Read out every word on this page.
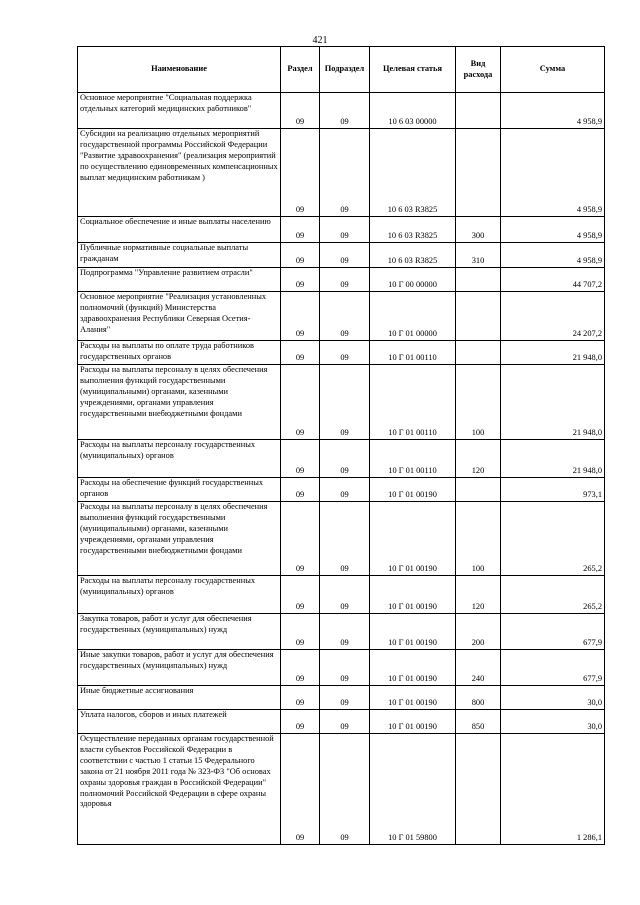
421
Наименование	Раздел	Подраздел	Целевая статья	Вид расхода	Сумма
Основное мероприятие "Социальная поддержка отдельных категорий медицинских работников"	09	09	10 6 03 00000		4 958,9
Субсидии на реализацию отдельных мероприятий государственной программы Российской Федерации "Развитие здравоохранения" (реализация мероприятий по осуществлению единовременных компенсационных выплат медицинским работникам )	09	09	10 6 03 R3825		4 958,9
Социальное обеспечение и иные выплаты населению	09	09	10 6 03 R3825	300	4 958,9
Публичные нормативные социальные выплаты гражданам	09	09	10 6 03 R3825	310	4 958,9
Подпрограмма "Управление развитием отрасли"	09	09	10 Г 00 00000		44 707,2
Основное мероприятие "Реализация установленных полномочий (функций) Министерства здравоохранения Республики Северная Осетия-Алания"	09	09	10 Г 01 00000		24 207,2
Расходы на выплаты по оплате труда работников государственных органов	09	09	10 Г 01 00110		21 948,0
Расходы на выплаты персоналу в целях обеспечения выполнения функций государственными (муниципальными) органами, казенными учреждениями, органами управления государственными внебюджетными фондами	09	09	10 Г 01 00110	100	21 948,0
Расходы на выплаты персоналу государственных (муниципальных) органов	09	09	10 Г 01 00110	120	21 948,0
Расходы на обеспечение функций государственных органов	09	09	10 Г 01 00190		973,1
Расходы на выплаты персоналу в целях обеспечения выполнения функций государственными (муниципальными) органами, казенными учреждениями, органами управления государственными внебюджетными фондами	09	09	10 Г 01 00190	100	265,2
Расходы на выплаты персоналу государственных (муниципальных) органов	09	09	10 Г 01 00190	120	265,2
Закупка товаров, работ и услуг для обеспечения государственных (муниципальных) нужд	09	09	10 Г 01 00190	200	677,9
Иные закупки товаров, работ и услуг для обеспечения государственных (муниципальных) нужд	09	09	10 Г 01 00190	240	677,9
Иные бюджетные ассигнования	09	09	10 Г 01 00190	800	30,0
Уплата налогов, сборов и иных платежей	09	09	10 Г 01 00190	850	30,0
Осуществление переданных органам государственной власти субъектов Российской Федерации в соответствии с частью 1 статьи 15 Федерального закона от 21 ноября 2011 года № 323-ФЗ "Об основах охраны здоровья граждан в Российской Федерации" полномочий Российской Федерации в сфере охраны здоровья	09	09	10 Г 01 59800		1 286,1
